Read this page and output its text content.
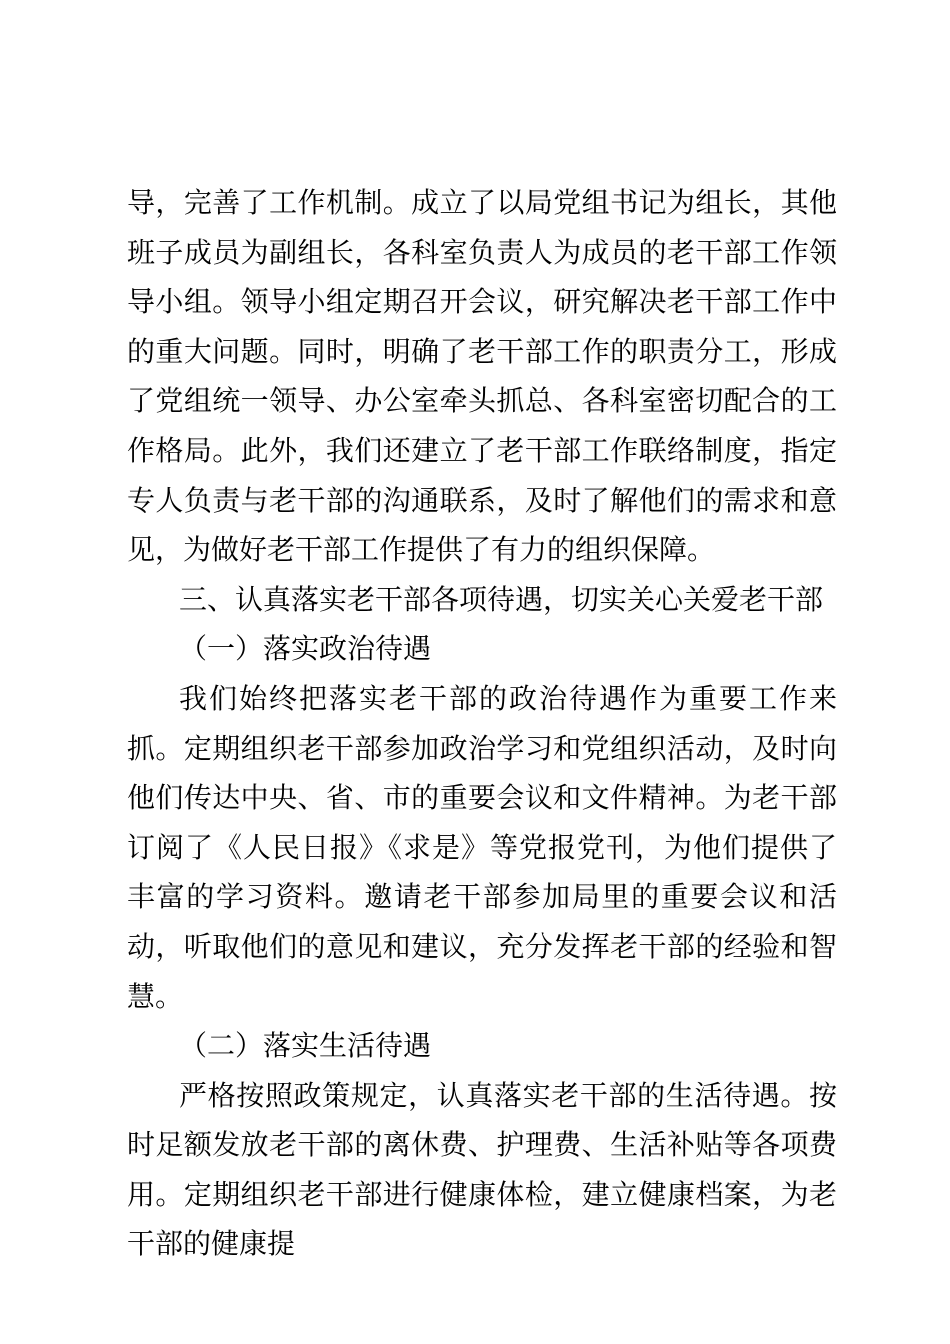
导，完善了工作机制。成立了以局党组书记为组长，其他班子成员为副组长，各科室负责人为成员的老干部工作领导小组。领导小组定期召开会议，研究解决老干部工作中的重大问题。同时，明确了老干部工作的职责分工，形成了党组统一领导、办公室牵头抓总、各科室密切配合的工作格局。此外，我们还建立了老干部工作联络制度，指定专人负责与老干部的沟通联系，及时了解他们的需求和意见，为做好老干部工作提供了有力的组织保障。

三、认真落实老干部各项待遇，切实关心关爱老干部

（一）落实政治待遇

我们始终把落实老干部的政治待遇作为重要工作来抓。定期组织老干部参加政治学习和党组织活动，及时向他们传达中央、省、市的重要会议和文件精神。为老干部订阅了《人民日报》《求是》等党报党刊，为他们提供了丰富的学习资料。邀请老干部参加局里的重要会议和活动，听取他们的意见和建议，充分发挥老干部的经验和智慧。

（二）落实生活待遇

严格按照政策规定，认真落实老干部的生活待遇。按时足额发放老干部的离休费、护理费、生活补贴等各项费用。定期组织老干部进行健康体检，建立健康档案，为老干部的健康提
